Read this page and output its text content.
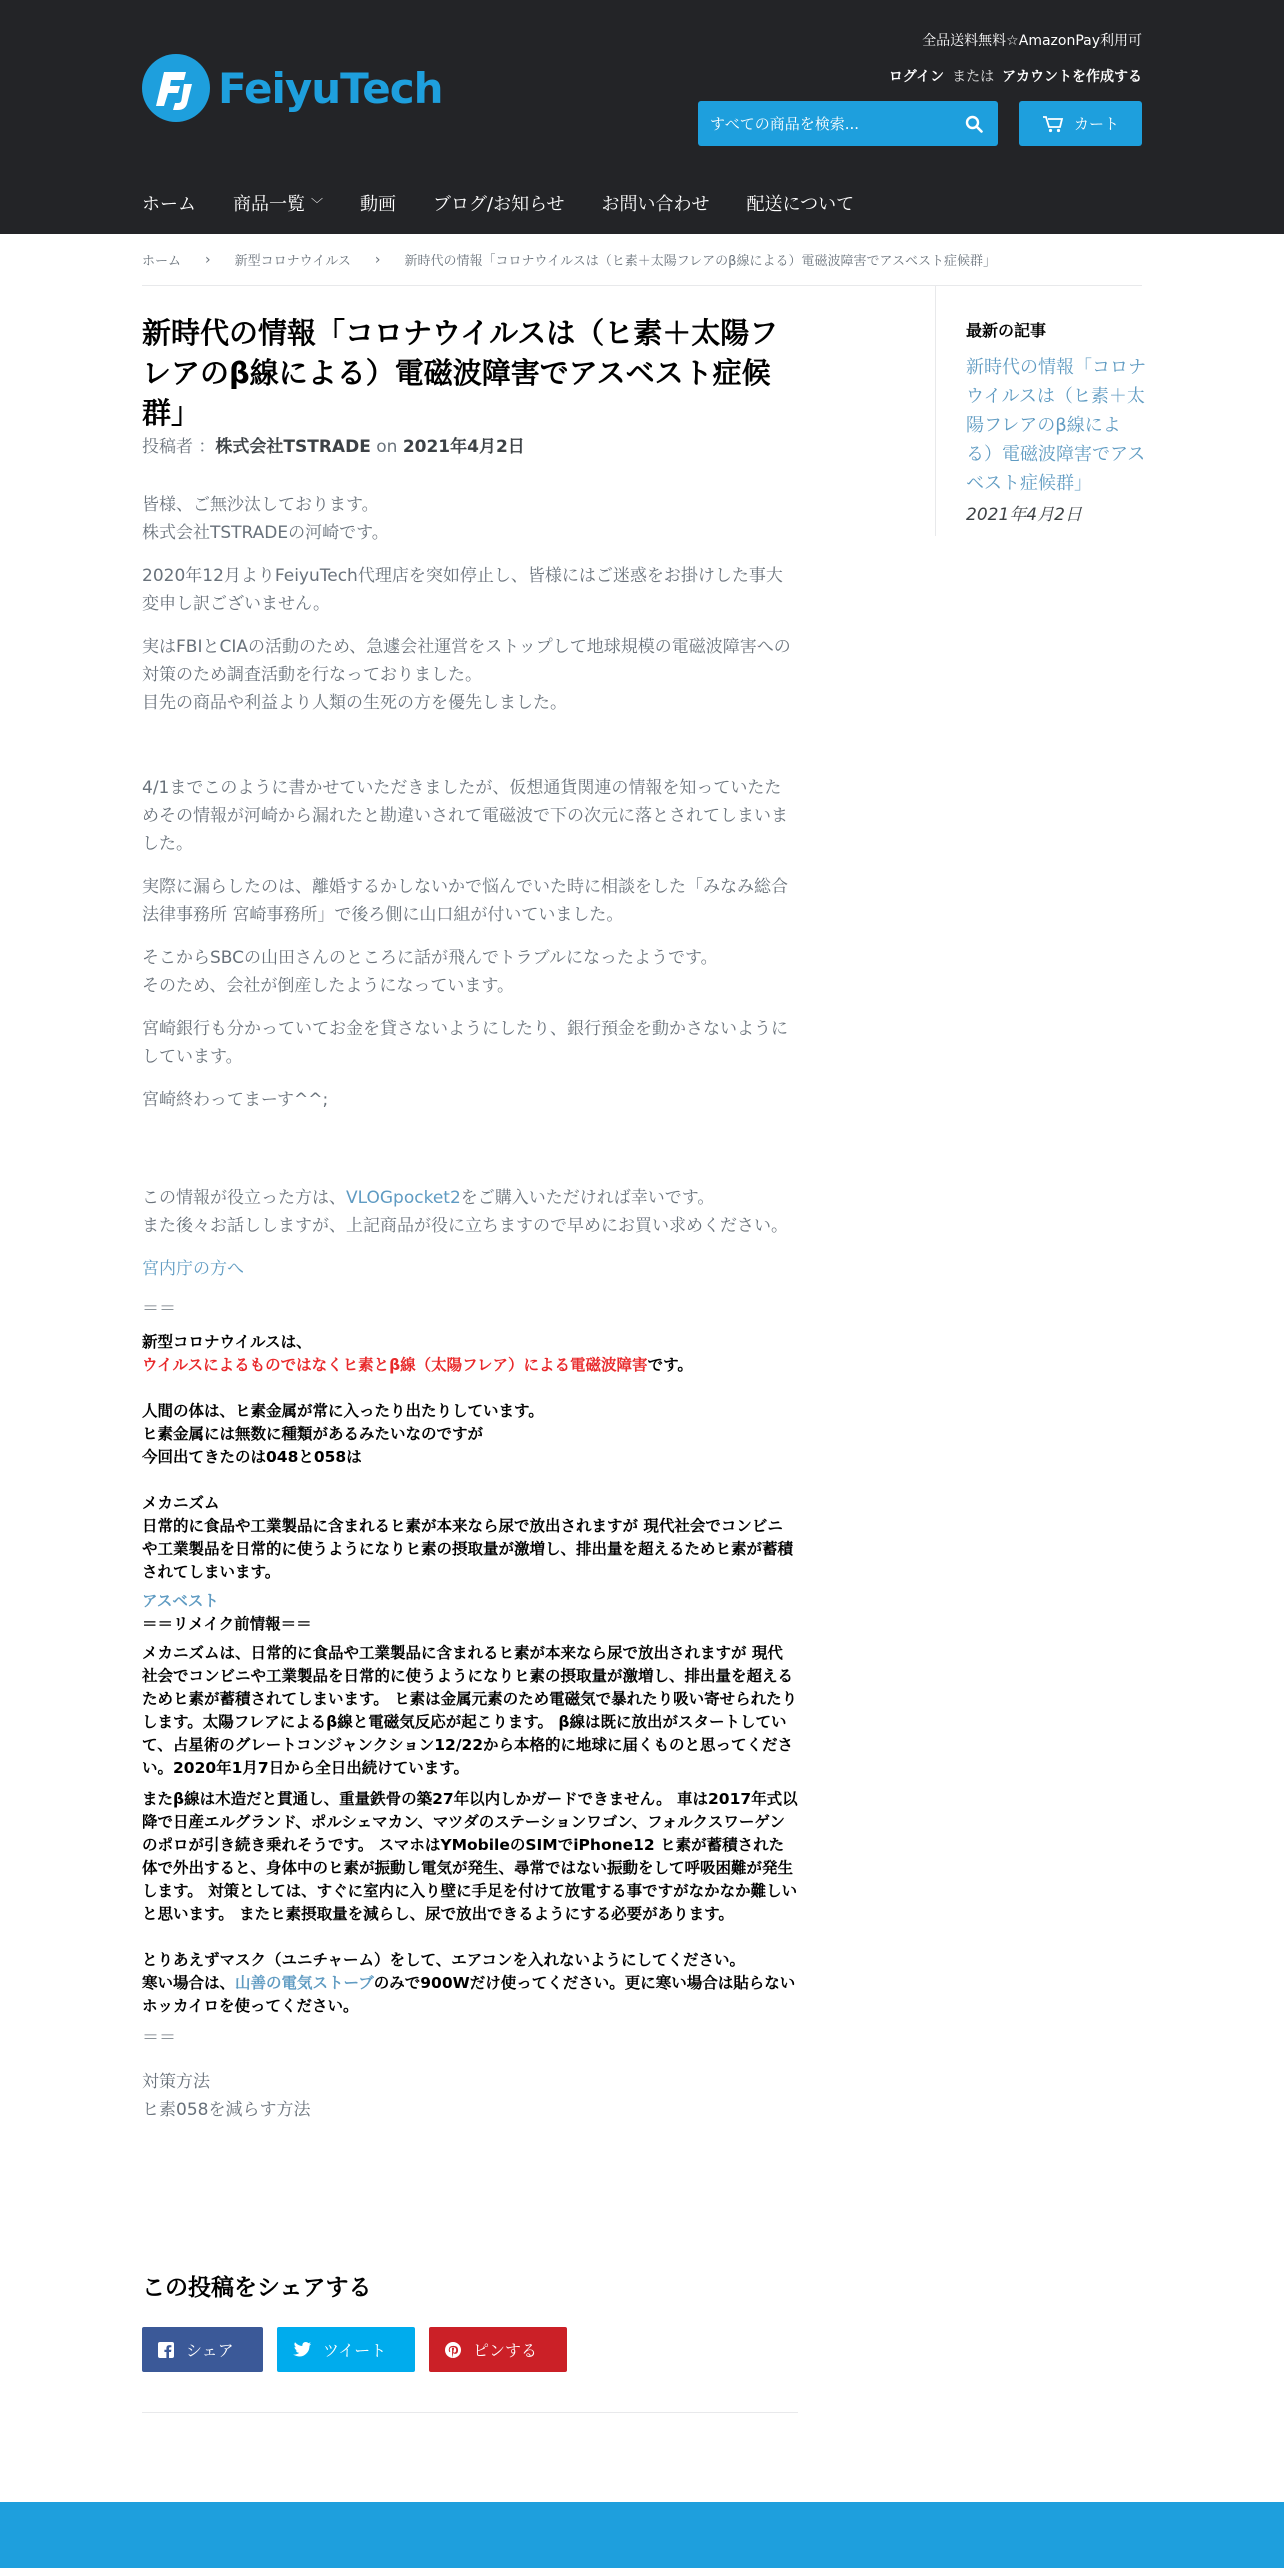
全品送料無料☆AmazonPay利用可
ログイン または アカウントを作成する
FeiyuTech
すべての商品を検索...
カート
ホーム 商品一覧 ﹀ 動画 ブログ/お知らせ お問い合わせ 配送について
ホーム › 新型コロナウイルス › 新時代の情報「コロナウイルスは（ヒ素＋太陽フレアのβ線による）電磁波障害でアスベスト症候群」
新時代の情報「コロナウイルスは（ヒ素＋太陽フレアのβ線による）電磁波障害でアスベスト症候群」
投稿者 ：株式会社TSTRADE on 2021年4月2日
皆様、ご無沙汰しております。
株式会社TSTRADEの河崎です。
2020年12月よりFeiyuTech代理店を突如停止し、皆様にはご迷惑をお掛けした事大変申し訳ございません。
実はFBIとCIAの活動のため、急遽会社運営をストップして地球規模の電磁波障害への対策のため調査活動を行なっておりました。
目先の商品や利益より人類の生死の方を優先しました。
4/1までこのように書かせていただきましたが、仮想通貨関連の情報を知っていたためその情報が河崎から漏れたと勘違いされて電磁波で下の次元に落とされてしまいました。
実際に漏らしたのは、離婚するかしないかで悩んでいた時に相談をした「みなみ総合法律事務所 宮崎事務所」で後ろ側に山口組が付いていました。
そこからSBCの山田さんのところに話が飛んでトラブルになったようです。
そのため、会社が倒産したようになっています。
宮崎銀行も分かっていてお金を貸さないようにしたり、銀行預金を動かさないようにしています。
宮崎終わってまーす^^;
この情報が役立った方は、VLOGpocket2をご購入いただければ幸いです。
また後々お話ししますが、上記商品が役に立ちますので早めにお買い求めください。
宮内庁の方へ
＝＝
新型コロナウイルスは、
ウイルスによるものではなくヒ素とβ線（太陽フレア）による電磁波障害です。
人間の体は、ヒ素金属が常に入ったり出たりしています。
ヒ素金属には無数に種類があるみたいなのですが
今回出てきたのは048と058は
メカニズム
日常的に食品や工業製品に含まれるヒ素が本来なら尿で放出されますが 現代社会でコンビニや工業製品を日常的に使うようになりヒ素の摂取量が激増し、排出量を超えるためヒ素が蓄積されてしまいます。
アスベスト
＝＝リメイク前情報＝＝
メカニズムは、日常的に食品や工業製品に含まれるヒ素が本来なら尿で放出されますが 現代社会でコンビニや工業製品を日常的に使うようになりヒ素の摂取量が激増し、排出量を超えるためヒ素が蓄積されてしまいます。 ヒ素は金属元素のため電磁気で暴れたり吸い寄せられたりします。太陽フレアによるβ線と電磁気反応が起こります。 β線は既に放出がスタートしていて、占星術のグレートコンジャンクション12/22から本格的に地球に届くものと思ってください。2020年1月7日から全日出続けています。
またβ線は木造だと貫通し、重量鉄骨の築27年以内しかガードできません。 車は2017年式以降で日産エルグランド、ポルシェマカン、マツダのステーションワゴン、フォルクスワーゲンのポロが引き続き乗れそうです。 スマホはYMobileのSIMでiPhone12 ヒ素が蓄積された体で外出すると、身体中のヒ素が振動し電気が発生、尋常ではない振動をして呼吸困難が発生します。 対策としては、すぐに室内に入り壁に手足を付けて放電する事ですがなかなか難しいと思います。 またヒ素摂取量を減らし、尿で放出できるようにする必要があります。
とりあえずマスク（ユニチャーム）をして、エアコンを入れないようにしてください。
寒い場合は、山善の電気ストーブのみで900Wだけ使ってください。更に寒い場合は貼らないホッカイロを使ってください。
＝＝
対策方法
ヒ素058を減らす方法
この投稿をシェアする
シェア	ツイート	ピンする
最新の記事
新時代の情報「コロナウイルスは（ヒ素＋太陽フレアのβ線による）電磁波障害でアスベスト症候群」
2021年4月2日
